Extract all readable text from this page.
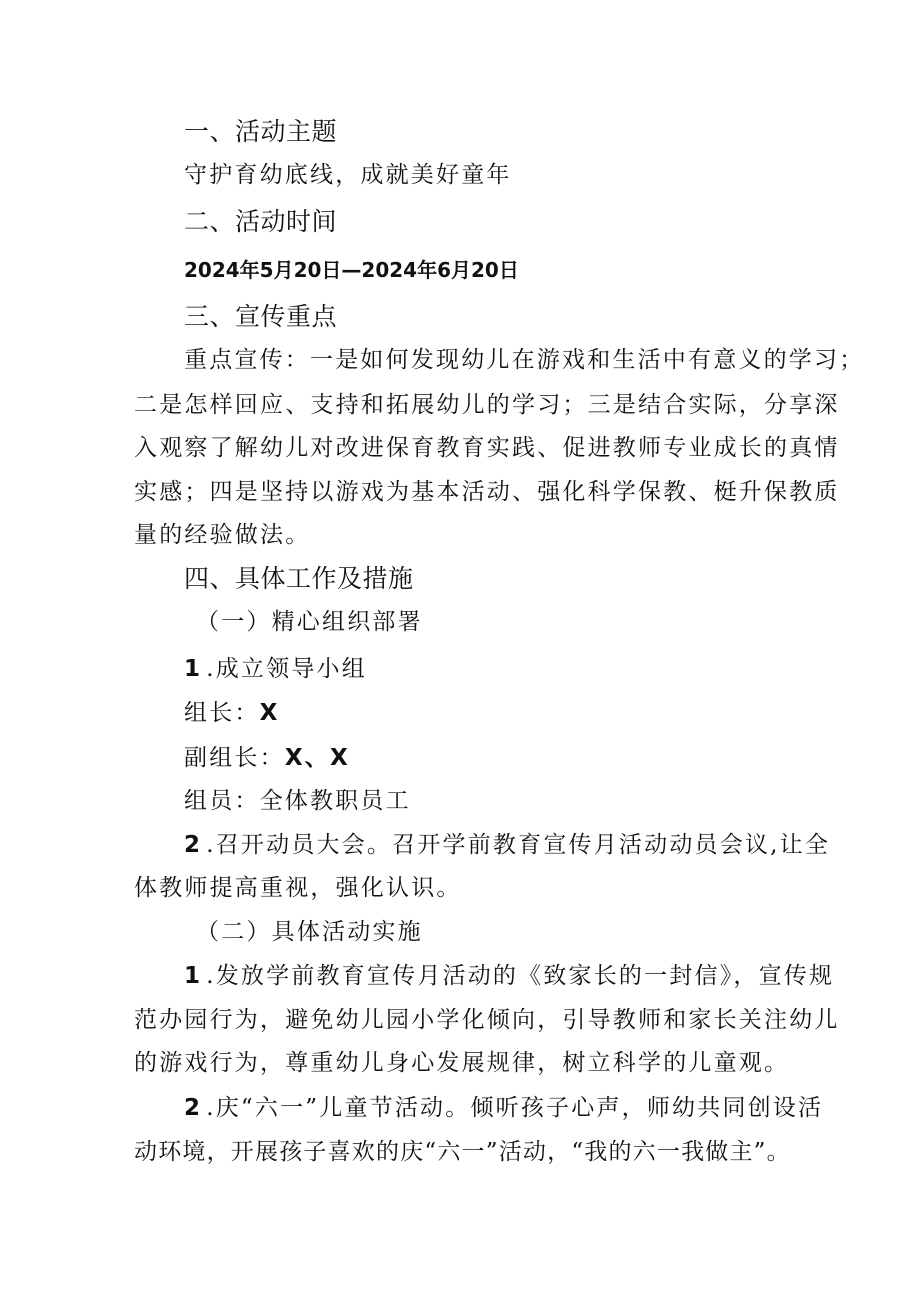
一、活动主题
守护育幼底线，成就美好童年
二、活动时间
2024年5月20日—2024年6月20日
三、宣传重点
重点宣传：一是如何发现幼儿在游戏和生活中有意义的学习；
二是怎样回应、支持和拓展幼儿的学习；三是结合实际，分享深
入观察了解幼儿对改进保育教育实践、促进教师专业成长的真情
实感；四是坚持以游戏为基本活动、强化科学保教、梃升保教质
量的经验做法。
四、具体工作及措施
（一）精心组织部署
1 .成立领导小组
组长：X
副组长：X、X
组员：全体教职员工
2 .召开动员大会。召开学前教育宣传月活动动员会议,让全
体教师提高重视，强化认识。
（二）具体活动实施
1 .发放学前教育宣传月活动的《致家长的一封信》，宣传规
范办园行为，避免幼儿园小学化倾向，引导教师和家长关注幼儿
的游戏行为，尊重幼儿身心发展规律，树立科学的儿童观。
2 .庆“六一”儿童节活动。倾听孩子心声，师幼共同创设活
动环境，开展孩子喜欢的庆“六一”活动，“我的六一我做主”。
